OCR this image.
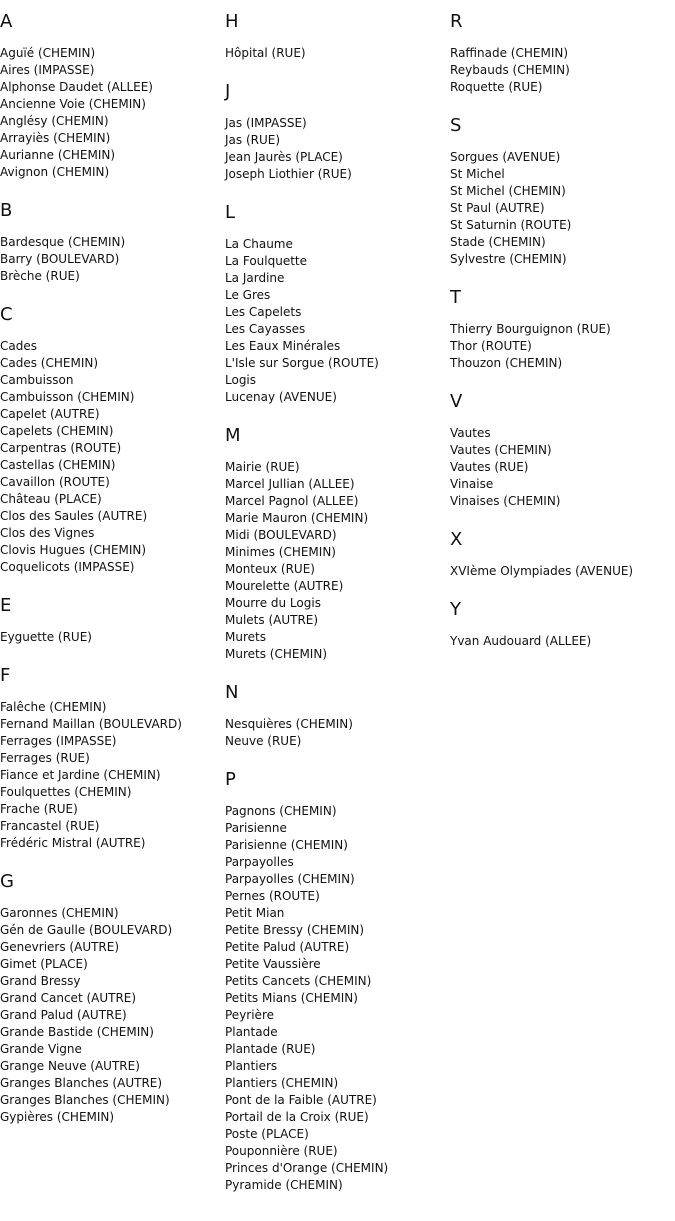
A
Aguïé (CHEMIN)
Aires (IMPASSE)
Alphonse Daudet (ALLEE)
Ancienne Voie (CHEMIN)
Anglésy (CHEMIN)
Arrayiès (CHEMIN)
Aurianne (CHEMIN)
Avignon (CHEMIN)
B
Bardesque (CHEMIN)
Barry (BOULEVARD)
Brèche (RUE)
C
Cades
Cades (CHEMIN)
Cambuisson
Cambuisson (CHEMIN)
Capelet (AUTRE)
Capelets (CHEMIN)
Carpentras (ROUTE)
Castellas (CHEMIN)
Cavaillon (ROUTE)
Château (PLACE)
Clos des Saules (AUTRE)
Clos des Vignes
Clovis Hugues (CHEMIN)
Coquelicots (IMPASSE)
E
Eyguette (RUE)
F
Falêche (CHEMIN)
Fernand Maillan (BOULEVARD)
Ferrages (IMPASSE)
Ferrages (RUE)
Fiance et Jardine (CHEMIN)
Foulquettes (CHEMIN)
Frache (RUE)
Francastel (RUE)
Frédéric Mistral (AUTRE)
G
Garonnes (CHEMIN)
Gén de Gaulle (BOULEVARD)
Genevriers (AUTRE)
Gimet (PLACE)
Grand Bressy
Grand Cancet (AUTRE)
Grand Palud (AUTRE)
Grande Bastide (CHEMIN)
Grande Vigne
Grange Neuve (AUTRE)
Granges Blanches (AUTRE)
Granges Blanches (CHEMIN)
Gypières (CHEMIN)
H
Hôpital (RUE)
J
Jas (IMPASSE)
Jas (RUE)
Jean Jaurès (PLACE)
Joseph Liothier (RUE)
L
La Chaume
La Foulquette
La Jardine
Le Gres
Les Capelets
Les Cayasses
Les Eaux Minérales
L'Isle sur Sorgue (ROUTE)
Logis
Lucenay (AVENUE)
M
Mairie (RUE)
Marcel Jullian (ALLEE)
Marcel Pagnol (ALLEE)
Marie Mauron (CHEMIN)
Midi (BOULEVARD)
Minimes (CHEMIN)
Monteux (RUE)
Mourelette (AUTRE)
Mourre du Logis
Mulets (AUTRE)
Murets
Murets (CHEMIN)
N
Nesquières (CHEMIN)
Neuve (RUE)
P
Pagnons (CHEMIN)
Parisienne
Parisienne (CHEMIN)
Parpayolles
Parpayolles (CHEMIN)
Pernes (ROUTE)
Petit Mian
Petite Bressy (CHEMIN)
Petite Palud (AUTRE)
Petite Vaussière
Petits Cancets (CHEMIN)
Petits Mians (CHEMIN)
Peyrière
Plantade
Plantade (RUE)
Plantiers
Plantiers (CHEMIN)
Pont de la Faible (AUTRE)
Portail de la Croix (RUE)
Poste (PLACE)
Pouponnière (RUE)
Princes d'Orange (CHEMIN)
Pyramide (CHEMIN)
R
Raffinade (CHEMIN)
Reybauds (CHEMIN)
Roquette (RUE)
S
Sorgues (AVENUE)
St Michel
St Michel (CHEMIN)
St Paul (AUTRE)
St Saturnin (ROUTE)
Stade (CHEMIN)
Sylvestre (CHEMIN)
T
Thierry Bourguignon (RUE)
Thor (ROUTE)
Thouzon (CHEMIN)
V
Vautes
Vautes (CHEMIN)
Vautes (RUE)
Vinaise
Vinaises (CHEMIN)
X
XVIème Olympiades (AVENUE)
Y
Yvan Audouard (ALLEE)
